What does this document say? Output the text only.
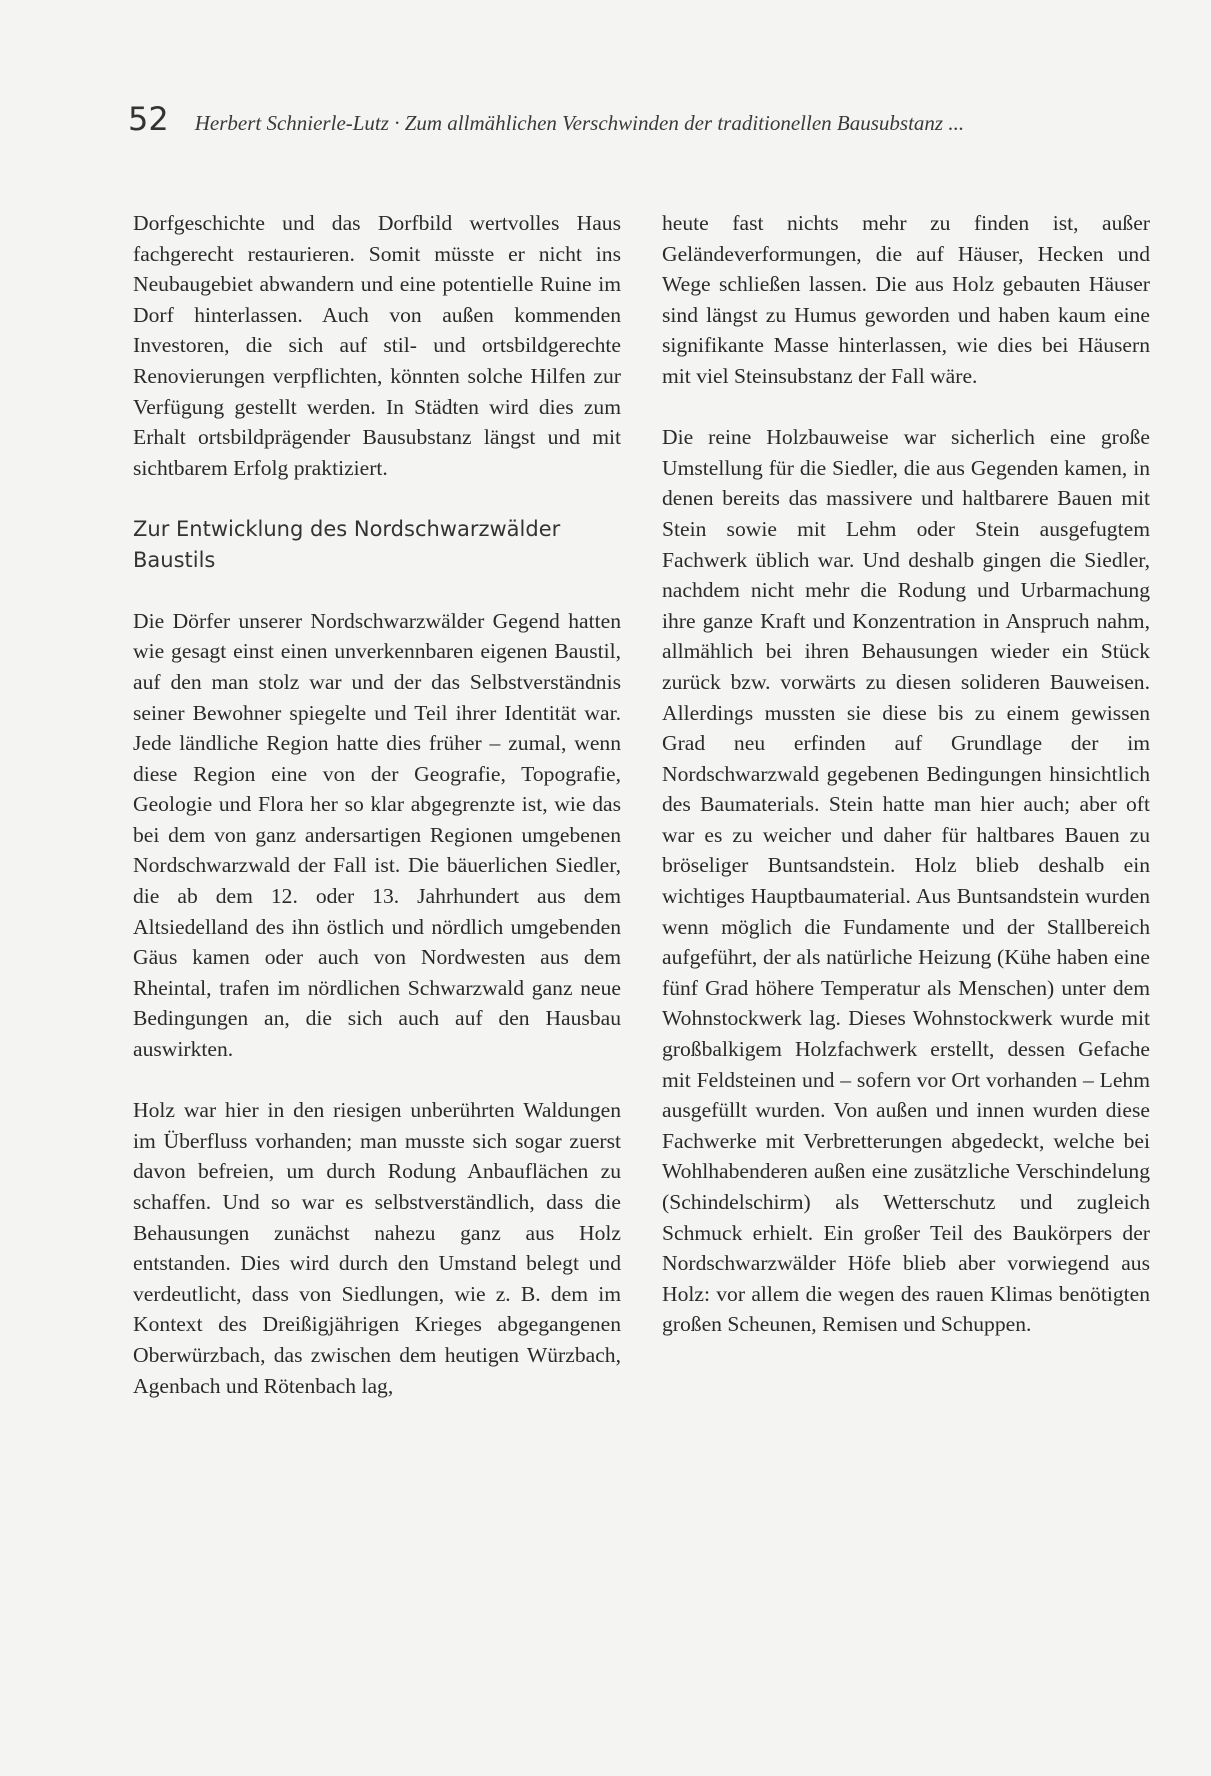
52 Herbert Schnierle-Lutz · Zum allmählichen Verschwinden der traditionellen Bausubstanz ...

Dorfgeschichte und das Dorfbild wertvolles Haus fachgerecht restaurieren. Somit müsste er nicht ins Neubaugebiet abwandern und eine potentielle Ruine im Dorf hinterlassen. Auch von außen kommenden Investoren, die sich auf stil- und ortsbildgerechte Renovierungen verpflichten, könnten solche Hilfen zur Verfügung gestellt werden. In Städten wird dies zum Erhalt ortsbildprägender Bausubstanz längst und mit sichtbarem Erfolg praktiziert.

Zur Entwicklung des Nordschwarzwälder Baustils

Die Dörfer unserer Nordschwarzwälder Gegend hatten wie gesagt einst einen unverkennbaren eigenen Baustil, auf den man stolz war und der das Selbstverständnis seiner Bewohner spiegelte und Teil ihrer Identität war. Jede ländliche Region hatte dies früher – zumal, wenn diese Region eine von der Geografie, Topografie, Geologie und Flora her so klar abgegrenzte ist, wie das bei dem von ganz andersartigen Regionen umgebenen Nordschwarzwald der Fall ist. Die bäuerlichen Siedler, die ab dem 12. oder 13. Jahrhundert aus dem Altsiedelland des ihn östlich und nördlich umgebenden Gäus kamen oder auch von Nordwesten aus dem Rheintal, trafen im nördlichen Schwarzwald ganz neue Bedingungen an, die sich auch auf den Hausbau auswirkten.

Holz war hier in den riesigen unberührten Waldungen im Überfluss vorhanden; man musste sich sogar zuerst davon befreien, um durch Rodung Anbauflächen zu schaffen. Und so war es selbstverständlich, dass die Behausungen zunächst nahezu ganz aus Holz entstanden. Dies wird durch den Umstand belegt und verdeutlicht, dass von Siedlungen, wie z. B. dem im Kontext des Dreißigjährigen Krieges abgegangenen Oberwürzbach, das zwischen dem heutigen Würzbach, Agenbach und Rötenbach lag,

heute fast nichts mehr zu finden ist, außer Geländeverformungen, die auf Häuser, Hecken und Wege schließen lassen. Die aus Holz gebauten Häuser sind längst zu Humus geworden und haben kaum eine signifikante Masse hinterlassen, wie dies bei Häusern mit viel Steinsubstanz der Fall wäre.

Die reine Holzbauweise war sicherlich eine große Umstellung für die Siedler, die aus Gegenden kamen, in denen bereits das massivere und haltbarere Bauen mit Stein sowie mit Lehm oder Stein ausgefugtem Fachwerk üblich war. Und deshalb gingen die Siedler, nachdem nicht mehr die Rodung und Urbarmachung ihre ganze Kraft und Konzentration in Anspruch nahm, allmählich bei ihren Behausungen wieder ein Stück zurück bzw. vorwärts zu diesen solideren Bauweisen. Allerdings mussten sie diese bis zu einem gewissen Grad neu erfinden auf Grundlage der im Nordschwarzwald gegebenen Bedingungen hinsichtlich des Baumaterials. Stein hatte man hier auch; aber oft war es zu weicher und daher für haltbares Bauen zu bröseliger Buntsandstein. Holz blieb deshalb ein wichtiges Hauptbaumaterial. Aus Buntsandstein wurden wenn möglich die Fundamente und der Stallbereich aufgeführt, der als natürliche Heizung (Kühe haben eine fünf Grad höhere Temperatur als Menschen) unter dem Wohnstockwerk lag. Dieses Wohnstockwerk wurde mit großbalkigem Holzfachwerk erstellt, dessen Gefache mit Feldsteinen und – sofern vor Ort vorhanden – Lehm ausgefüllt wurden. Von außen und innen wurden diese Fachwerke mit Verbretterungen abgedeckt, welche bei Wohlhabenderen außen eine zusätzliche Verschindelung (Schindelschirm) als Wetterschutz und zugleich Schmuck erhielt. Ein großer Teil des Baukörpers der Nordschwarzwälder Höfe blieb aber vorwiegend aus Holz: vor allem die wegen des rauen Klimas benötigten großen Scheunen, Remisen und Schuppen.
